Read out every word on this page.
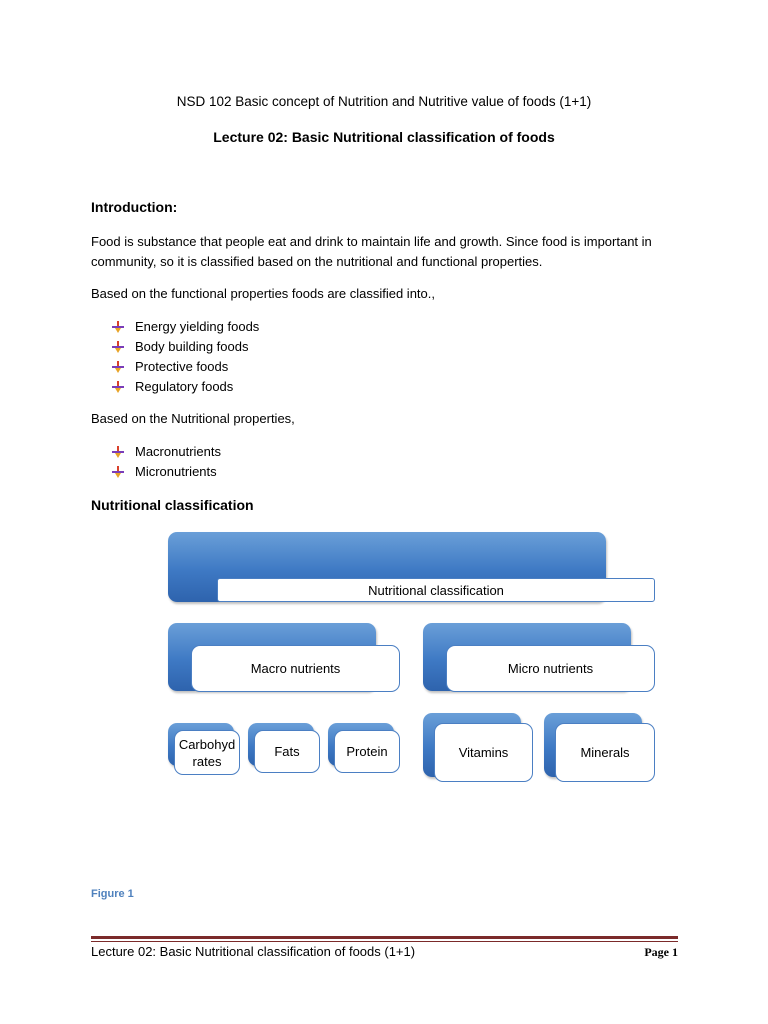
NSD 102 Basic concept of Nutrition and Nutritive value of foods (1+1)
Lecture 02: Basic Nutritional classification of foods
Introduction:
Food is substance that people eat and drink to maintain life and growth. Since food is important in community, so it is classified based on the nutritional and functional properties.
Based on the functional properties foods are classified into.,
Energy yielding foods
Body building foods
Protective foods
Regulatory foods
Based on the Nutritional properties,
Macronutrients
Micronutrients
Nutritional classification
Nutritional classification
Macro nutrients	Micro nutrients
Carbohydrates
Fats	Protein	Vitamins	Minerals
Figure 1
Lecture 02: Basic Nutritional classification of foods (1+1)	Page 1
